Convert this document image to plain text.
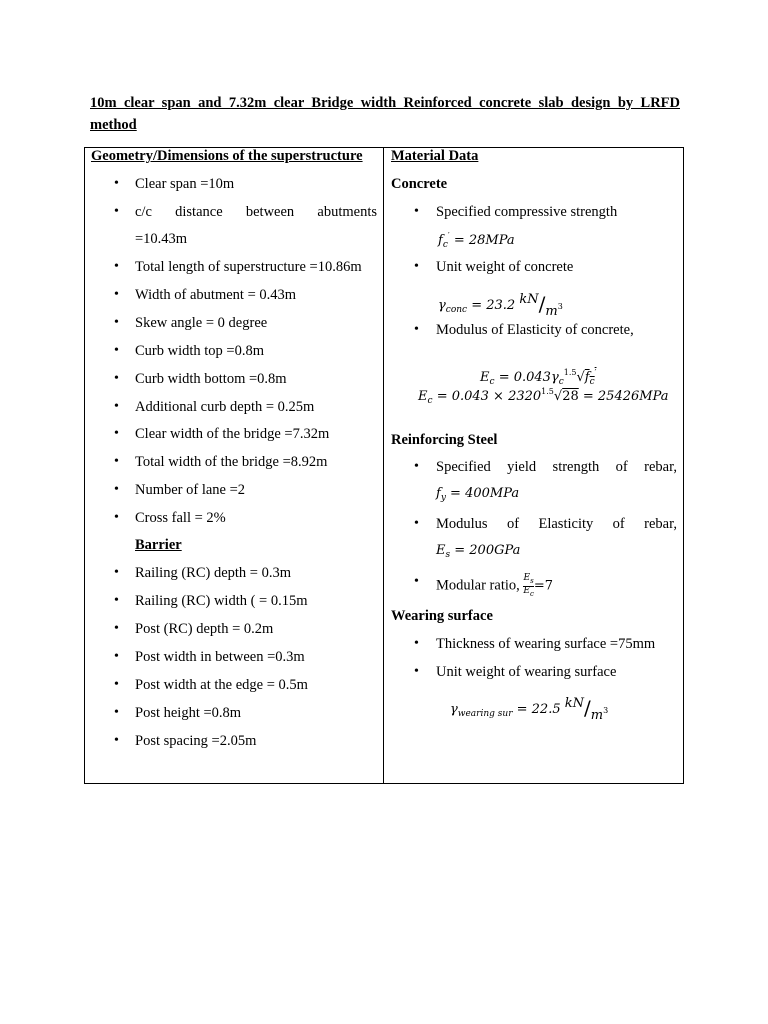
10m clear span and 7.32m clear Bridge width Reinforced concrete slab design by LRFD method
Geometry/Dimensions of the superstructure
• Clear span =10m
• c/c distance between abutments
=10.43m
• Total length of superstructure =10.86m
• Width of abutment = 0.43m
• Skew angle = 0 degree
• Curb width top =0.8m
• Curb width bottom =0.8m
• Additional curb depth = 0.25m
• Clear width of the bridge =7.32m
• Total width of the bridge =8.92m
• Number of lane =2
• Cross fall = 2%
Barrier
• Railing (RC) depth = 0.3m
• Railing (RC) width ( = 0.15m
• Post (RC) depth = 0.2m
• Post width in between =0.3m
• Post width at the edge = 0.5m
• Post height =0.8m
• Post spacing =2.05m
Material Data
Concrete
• Specified compressive strength
$f_c' = 28MPa$
• Unit weight of concrete
$\gamma_{conc} = 23.2$ $kN/m^3$
• Modulus of Elasticity of concrete,
$E_c = 0.043\gamma_c^{1.5}√f_c'$
$E_c = 0.043 \times 2320^{1.5}√28 = 25426MPa$
Reinforcing Steel
• Specified yield strength of rebar,
$f_y = 400MPa$
• Modulus of Elasticity of rebar,
$E_s = 200GPa$
• Modular ratio, $\frac{E_s}{E_c} =7$
Wearing surface
• Thickness of wearing surface =75mm
• Unit weight of wearing surface
$\gamma_{wearing sur} = 22.5$ $kN/m^3$
